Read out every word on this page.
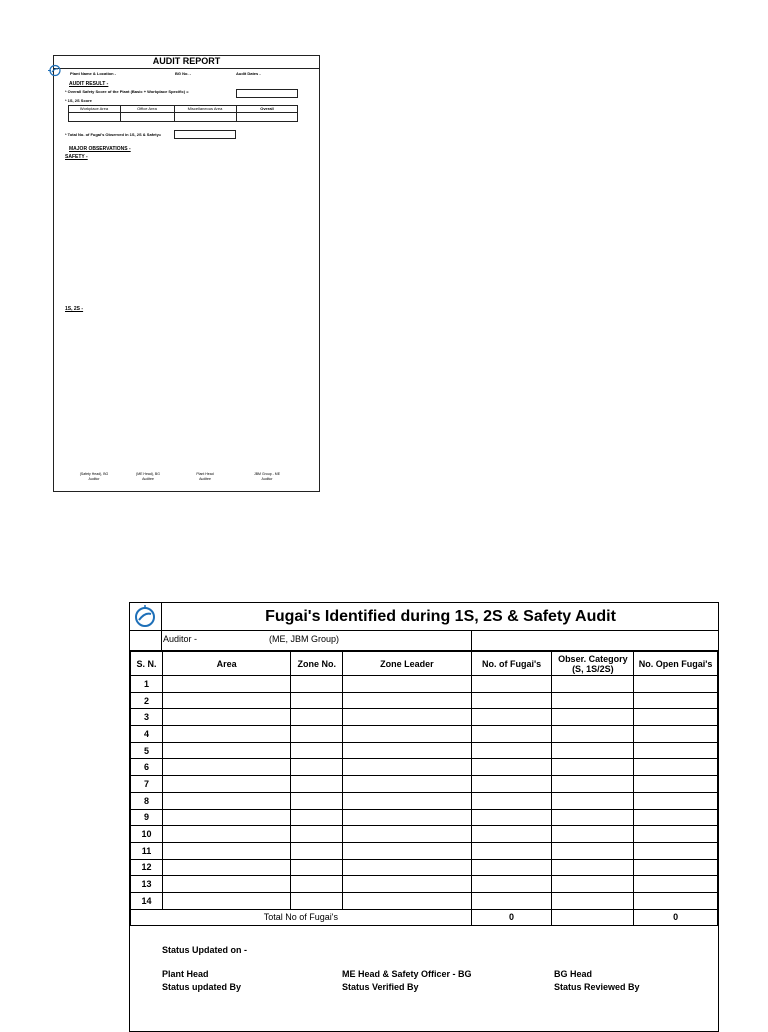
AUDIT REPORT
Plant Name & Location -	BG No. -	Audit Dates -
AUDIT RESULT -
* Overall Safety Score of the Plant (Basic + Workplace Specific) =
* 1S, 2S Score
Workplace Area	Office Area	Miscellaneous Area	Overall
* Total No. of Fugai's Observed in 1S, 2S & Safety=
MAJOR OBSERVATIONS -
SAFETY -
1S, 2S -
(Safety Head), BG
Auditor
(ME Head), BG
Auditee
Plant Head
Auditee
JBM Group - ME
Auditor
Fugai's Identified during 1S, 2S & Safety Audit
Auditor -	(ME, JBM Group)
S. N.	Area	Zone No.	Zone Leader	No. of Fugai's	Obser. Category (S, 1S/2S)	No. Open Fugai's
1						
2						
3						
4						
5						
6						
7						
8						
9						
10						
11						
12						
13						
14						
Total No of Fugai's				0		0
Status Updated on -
Plant Head
Status updated By
ME Head & Safety Officer - BG
Status Verified By
BG Head
Status Reviewed By
